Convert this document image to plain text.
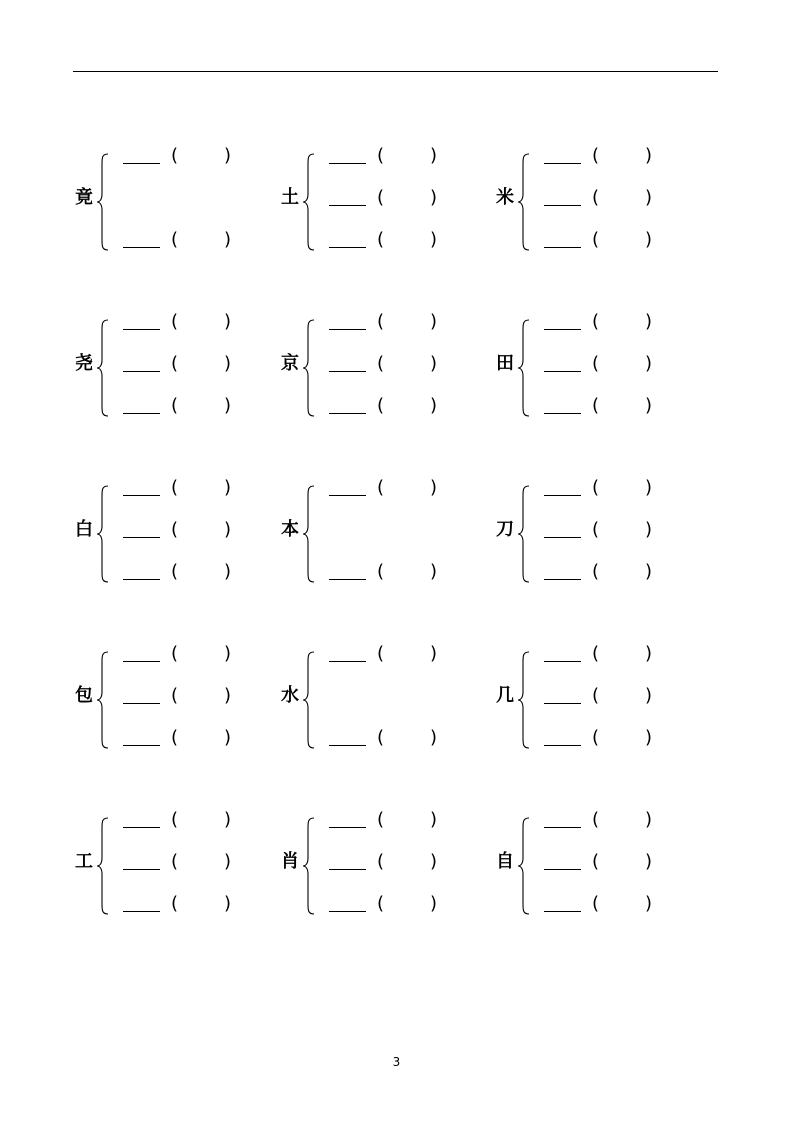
竟
(	)
(	)
土
(	)
(	)
(	)
米
(	)
(	)
(	)
尧
(	)
(	)
(	)
京
(	)
(	)
(	)
田
(	)
(	)
(	)
白
(	)
(	)
(	)
本
(	)
(	)
刀
(	)
(	)
(	)
包
(	)
(	)
(	)
水
(	)
(	)
几
(	)
(	)
(	)
工
(	)
(	)
(	)
肖
(	)
(	)
(	)
自
(	)
(	)
(	)
3
